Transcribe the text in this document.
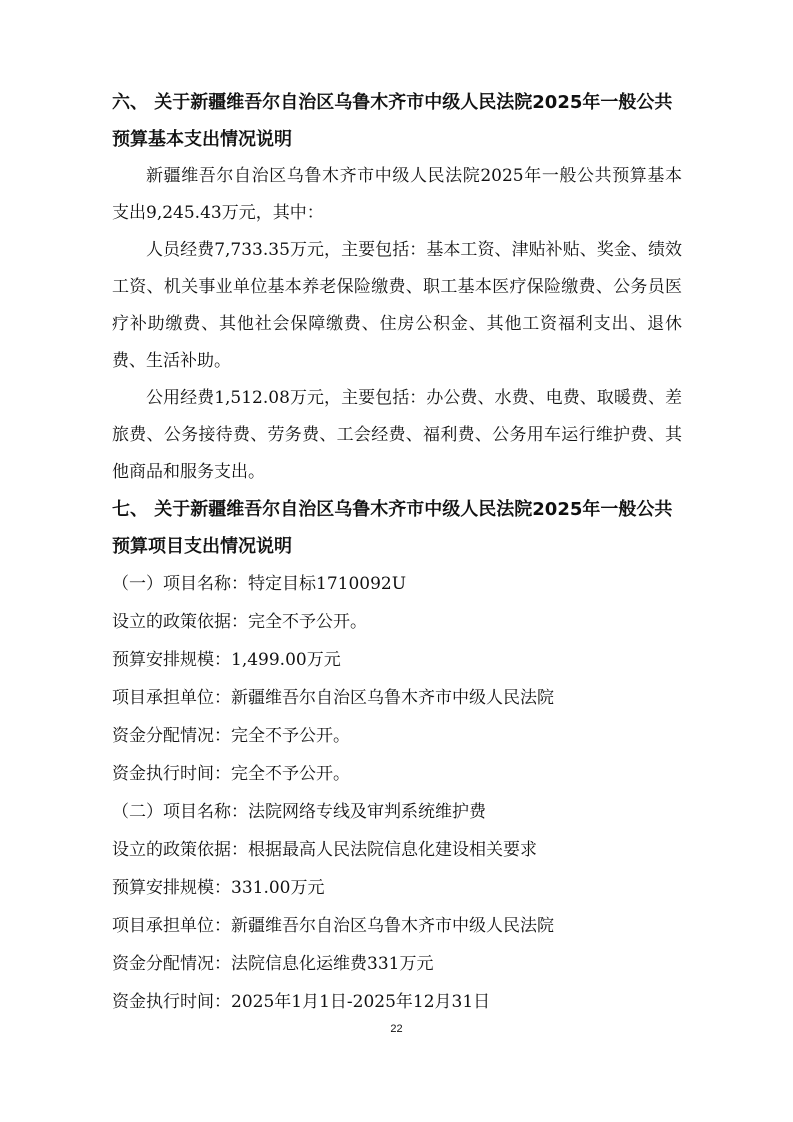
六、 关于新疆维吾尔自治区乌鲁木齐市中级人民法院2025年一般公共预算基本支出情况说明

新疆维吾尔自治区乌鲁木齐市中级人民法院2025年一般公共预算基本支出9,245.43万元，其中：

人员经费7,733.35万元，主要包括：基本工资、津贴补贴、奖金、绩效工资、机关事业单位基本养老保险缴费、职工基本医疗保险缴费、公务员医疗补助缴费、其他社会保障缴费、住房公积金、其他工资福利支出、退休费、生活补助。

公用经费1,512.08万元，主要包括：办公费、水费、电费、取暖费、差旅费、公务接待费、劳务费、工会经费、福利费、公务用车运行维护费、其他商品和服务支出。

七、 关于新疆维吾尔自治区乌鲁木齐市中级人民法院2025年一般公共预算项目支出情况说明

（一）项目名称：特定目标1710092U

设立的政策依据：完全不予公开。

预算安排规模：1,499.00万元

项目承担单位：新疆维吾尔自治区乌鲁木齐市中级人民法院

资金分配情况：完全不予公开。

资金执行时间：完全不予公开。

（二）项目名称：法院网络专线及审判系统维护费

设立的政策依据：根据最高人民法院信息化建设相关要求

预算安排规模：331.00万元

项目承担单位：新疆维吾尔自治区乌鲁木齐市中级人民法院

资金分配情况：法院信息化运维费331万元

资金执行时间：2025年1月1日-2025年12月31日

22
